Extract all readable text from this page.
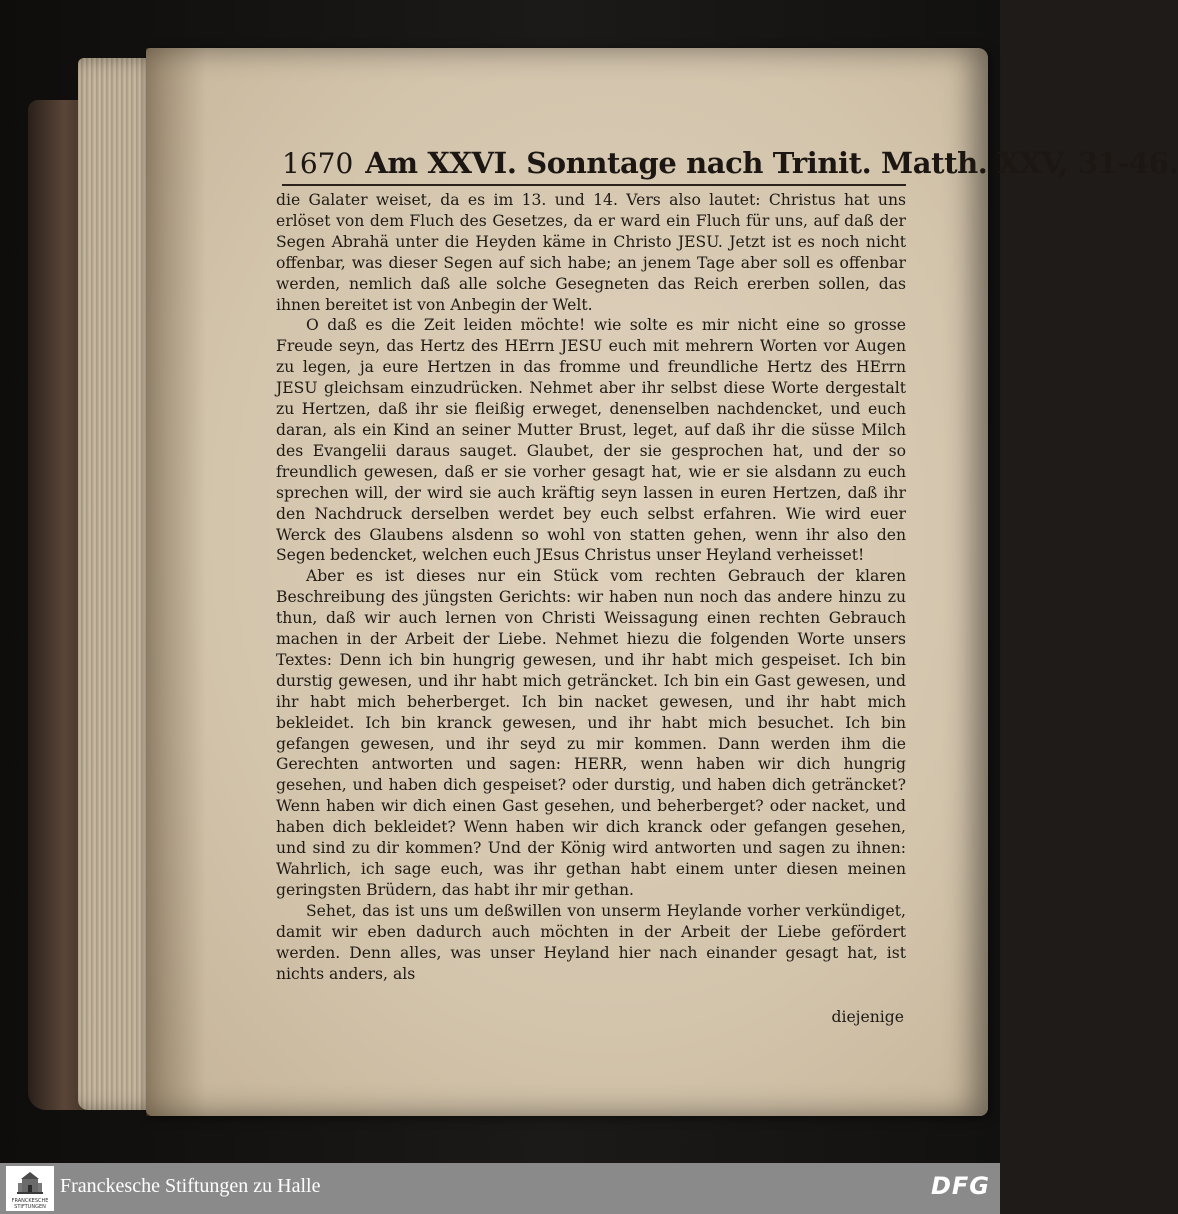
1670 Am XXVI. Sonntage nach Trinit. Matth. XXV, 31-46.

die Galater weiset, da es im 13. und 14. Vers also lautet: Christus hat uns erlöset von dem Fluch des Gesetzes, da er ward ein Fluch für uns, auf daß der Segen Abrahä unter die Heyden käme in Christo JESU. Jetzt ist es noch nicht offenbar, was dieser Segen auf sich habe; an jenem Tage aber soll es offenbar werden, nemlich daß alle solche Gesegneten das Reich ererben sollen, das ihnen bereitet ist von Anbegin der Welt.

O daß es die Zeit leiden möchte! wie solte es mir nicht eine so grosse Freude seyn, das Hertz des HErrn JESU euch mit mehrern Worten vor Augen zu legen, ja eure Hertzen in das fromme und freundliche Hertz des HErrn JESU gleichsam einzudrücken. Nehmet aber ihr selbst diese Worte dergestalt zu Hertzen, daß ihr sie fleißig erweget, denenselben nachdencket, und euch daran, als ein Kind an seiner Mutter Brust, leget, auf daß ihr die süsse Milch des Evangelii daraus sauget. Glaubet, der sie gesprochen hat, und der so freundlich gewesen, daß er sie vorher gesagt hat, wie er sie alsdann zu euch sprechen will, der wird sie auch kräftig seyn lassen in euren Hertzen, daß ihr den Nachdruck derselben werdet bey euch selbst erfahren. Wie wird euer Werck des Glaubens alsdenn so wohl von statten gehen, wenn ihr also den Segen bedencket, welchen euch JEsus Christus unser Heyland verheisset!

Aber es ist dieses nur ein Stück vom rechten Gebrauch der klaren Beschreibung des jüngsten Gerichts: wir haben nun noch das andere hinzu zu thun, daß wir auch lernen von Christi Weissagung einen rechten Gebrauch machen in der Arbeit der Liebe. Nehmet hiezu die folgenden Worte unsers Textes: Denn ich bin hungrig gewesen, und ihr habt mich gespeiset. Ich bin durstig gewesen, und ihr habt mich geträncket. Ich bin ein Gast gewesen, und ihr habt mich beherberget. Ich bin nacket gewesen, und ihr habt mich bekleidet. Ich bin kranck gewesen, und ihr habt mich besuchet. Ich bin gefangen gewesen, und ihr seyd zu mir kommen. Dann werden ihm die Gerechten antworten und sagen: HERR, wenn haben wir dich hungrig gesehen, und haben dich gespeiset? oder durstig, und haben dich geträncket? Wenn haben wir dich einen Gast gesehen, und beherberget? oder nacket, und haben dich bekleidet? Wenn haben wir dich kranck oder gefangen gesehen, und sind zu dir kommen? Und der König wird antworten und sagen zu ihnen: Wahrlich, ich sage euch, was ihr gethan habt einem unter diesen meinen geringsten Brüdern, das habt ihr mir gethan.

Sehet, das ist uns um deßwillen von unserm Heylande vorher verkündiget, damit wir eben dadurch auch möchten in der Arbeit der Liebe gefördert werden. Denn alles, was unser Heyland hier nach einander gesagt hat, ist nichts anders, als

diejenige
FRANCKESCHE STIFTUNGEN
Franckesche Stiftungen zu Halle	DFG
